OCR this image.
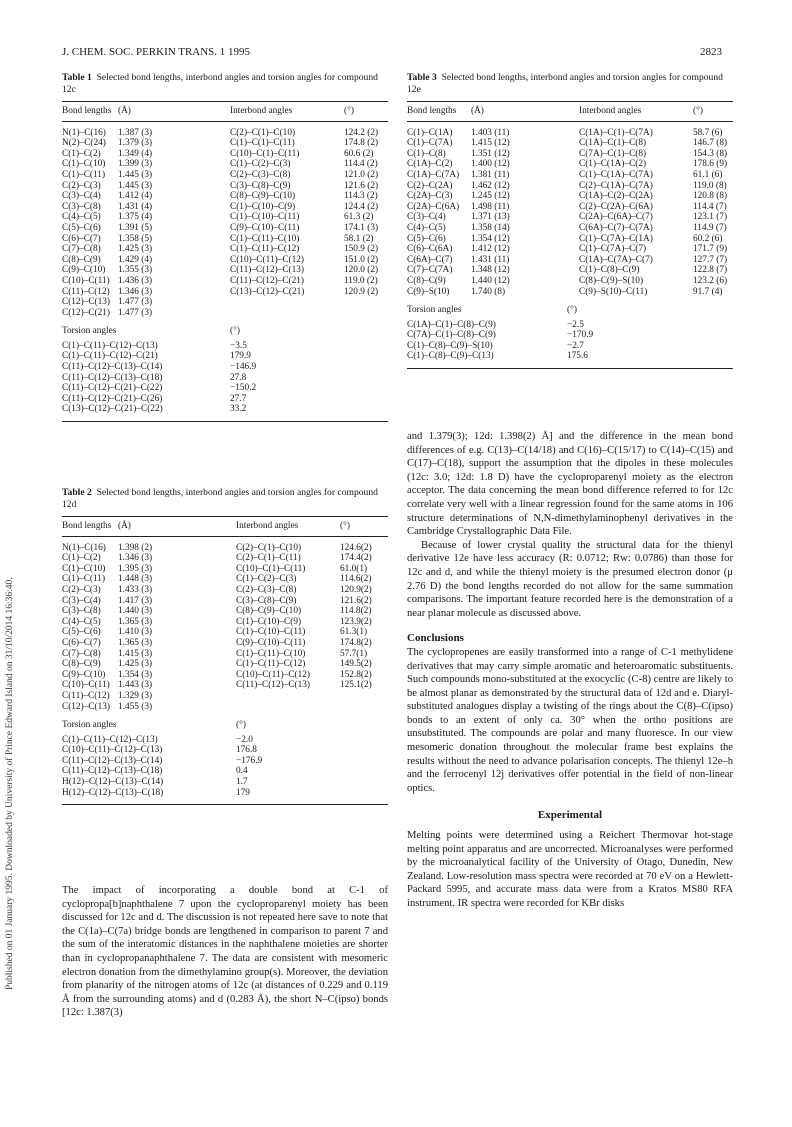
J. CHEM. SOC. PERKIN TRANS. 1 1995	2823
Published on 01 January 1995. Downloaded by University of Prince Edward Island on 31/10/2014 16:36:40.
Table 1 Selected bond lengths, interbond angles and torsion angles for compound 12c
Bond lengths	(Å)	Interbond angles	(°)
N(1)–C(16)	1.387 (3)	C(2)–C(1)–C(10)	124.2 (2)
N(2)–C(24)	1.379 (3)	C(1)–C(1)–C(11)	174.8 (2)
C(1)–C(2)	1.349 (4)	C(10)–C(1)–C(11)	60.6 (2)
C(1)–C(10)	1.399 (3)	C(1)–C(2)–C(3)	114.4 (2)
C(1)–C(11)	1.445 (3)	C(2)–C(3)–C(8)	121.0 (2)
C(2)–C(3)	1.445 (3)	C(3)–C(8)–C(9)	121.6 (2)
C(3)–C(4)	1.412 (4)	C(8)–C(9)–C(10)	114.3 (2)
C(3)–C(8)	1.431 (4)	C(1)–C(10)–C(9)	124.4 (2)
C(4)–C(5)	1.375 (4)	C(1)–C(10)–C(11)	61.3 (2)
C(5)–C(6)	1.391 (5)	C(9)–C(10)–C(11)	174.1 (3)
C(6)–C(7)	1.358 (5)	C(1)–C(11)–C(10)	58.1 (2)
C(7)–C(8)	1.425 (3)	C(1)–C(11)–C(12)	150.9 (2)
C(8)–C(9)	1.429 (4)	C(10)–C(11)–C(12)	151.0 (2)
C(9)–C(10)	1.355 (3)	C(11)–C(12)–C(13)	120.0 (2)
C(10)–C(11)	1.436 (3)	C(11)–C(12)–C(21)	119.0 (2)
C(11)–C(12)	1.346 (3)	C(13)–C(12)–C(21)	120.9 (2)
C(12)–C(13)	1.477 (3)		
C(12)–C(21)	1.477 (3)		
Torsion angles	(°)
C(1)–C(11)–C(12)–C(13)	−3.5
C(1)–C(11)–C(12)–C(21)	179.9
C(11)–C(12)–C(13)–C(14)	−146.9
C(11)–C(12)–C(13)–C(18)	27.8
C(11)–C(12)–C(21)–C(22)	−150.2
C(11)–C(12)–C(21)–C(26)	27.7
C(13)–C(12)–C(21)–C(22)	33.2
Table 2 Selected bond lengths, interbond angles and torsion angles for compound 12d
Bond lengths	(Å)	Interbond angles	(°)
N(1)–C(16)	1.398 (2)	C(2)–C(1)–C(10)	124.6(2)
C(1)–C(2)	1.346 (3)	C(2)–C(1)–C(11)	174.4(2)
C(1)–C(10)	1.395 (3)	C(10)–C(1)–C(11)	61.0(1)
C(1)–C(11)	1.448 (3)	C(1)–C(2)–C(3)	114.6(2)
C(2)–C(3)	1.433 (3)	C(2)–C(3)–C(8)	120.9(2)
C(3)–C(4)	1.417 (3)	C(3)–C(8)–C(9)	121.6(2)
C(3)–C(8)	1.440 (3)	C(8)–C(9)–C(10)	114.8(2)
C(4)–C(5)	1.365 (3)	C(1)–C(10)–C(9)	123.9(2)
C(5)–C(6)	1.410 (3)	C(1)–C(10)–C(11)	61.3(1)
C(6)–C(7)	1.365 (3)	C(9)–C(10)–C(11)	174.8(2)
C(7)–C(8)	1.415 (3)	C(1)–C(11)–C(10)	57.7(1)
C(8)–C(9)	1.425 (3)	C(1)–C(11)–C(12)	149.5(2)
C(9)–C(10)	1.354 (3)	C(10)–C(11)–C(12)	152.8(2)
C(10)–C(11)	1.443 (3)	C(11)–C(12)–C(13)	125.1(2)
C(11)–C(12)	1.329 (3)		
C(12)–C(13)	1.455 (3)		
Torsion angles	(°)
C(1)–C(11)–C(12)–C(13)	−2.0
C(10)–C(11)–C(12)–C(13)	176.8
C(11)–C(12)–C(13)–C(14)	−176.9
C(11)–C(12)–C(13)–C(18)	0.4
H(12)–C(12)–C(13)–C(14)	1.7
H(12)–C(12)–C(13)–C(18)	179
The impact of incorporating a double bond at C-1 of cyclopropa[b]naphthalene 7 upon the cycloproparenyl moiety has been discussed for 12c and d. The discussion is not repeated here save to note that the C(1a)–C(7a) bridge bonds are lengthened in comparison to parent 7 and the sum of the interatomic distances in the naphthalene moieties are shorter than in cyclopropanaphthalene 7. The data are consistent with mesomeric electron donation from the dimethylamino group(s). Moreover, the deviation from planarity of the nitrogen atoms of 12c (at distances of 0.229 and 0.119 Å from the surrounding atoms) and d (0.283 Å), the short N–C(ipso) bonds [12c: 1.387(3)
Table 3 Selected bond lengths, interbond angles and torsion angles for compound 12e
Bond lengths	(Å)	Interbond angles	(°)
C(1)–C(1A)	1.403 (11)	C(1A)–C(1)–C(7A)	58.7 (6)
C(1)–C(7A)	1.415 (12)	C(1A)–C(1)–C(8)	146.7 (8)
C(1)–C(8)	1.351 (12)	C(7A)–C(1)–C(8)	154.3 (8)
C(1A)–C(2)	1.400 (12)	C(1)–C(1A)–C(2)	178.6 (9)
C(1A)–C(7A)	1.381 (11)	C(1)–C(1A)–C(7A)	61.1 (6)
C(2)–C(2A)	1.462 (12)	C(2)–C(1A)–C(7A)	119.0 (8)
C(2A)–C(3)	1.245 (12)	C(1A)–C(2)–C(2A)	120.8 (8)
C(2A)–C(6A)	1.498 (11)	C(2)–C(2A)–C(6A)	114.4 (7)
C(3)–C(4)	1.371 (13)	C(2A)–C(6A)–C(7)	123.1 (7)
C(4)–C(5)	1.358 (14)	C(6A)–C(7)–C(7A)	114.9 (7)
C(5)–C(6)	1.354 (12)	C(1)–C(7A)–C(1A)	60.2 (6)
C(6)–C(6A)	1.412 (12)	C(1)–C(7A)–C(7)	171.7 (9)
C(6A)–C(7)	1.431 (11)	C(1A)–C(7A)–C(7)	127.7 (7)
C(7)–C(7A)	1.348 (12)	C(1)–C(8)–C(9)	122.8 (7)
C(8)–C(9)	1.440 (12)	C(8)–C(9)–S(10)	123.2 (6)
C(9)–S(10)	1.740 (8)	C(9)–S(10)–C(11)	91.7 (4)
Torsion angles	(°)
C(1A)–C(1)–C(8)–C(9)	−2.5
C(7A)–C(1)–C(8)–C(9)	−170.9
C(1)–C(8)–C(9)–S(10)	−2.7
C(1)–C(8)–C(9)–C(13)	175.6
and 1.379(3); 12d: 1.398(2) Å] and the difference in the mean bond differences of e.g. C(13)–C(14/18) and C(16)–C(15/17) to C(14)–C(15) and C(17)–C(18), support the assumption that the dipoles in these molecules (12c: 3.0; 12d: 1.8 D) have the cycloproparenyl moiety as the electron acceptor. The data concerning the mean bond difference referred to for 12c correlate very well with a linear regression found for the same atoms in 106 structure determinations of N,N-dimethylaminophenyl derivatives in the Cambridge Crystallographic Data File.
Because of lower crystal quality the structural data for the thienyl derivative 12e have less accuracy (R: 0.0712; Rw: 0.0786) than those for 12c and d, and while the thienyl moiety is the presumed electron donor (μ 2.76 D) the bond lengths recorded do not allow for the same summation comparisons. The important feature recorded here is the demonstration of a near planar molecule as discussed above.
Conclusions
The cyclopropenes are easily transformed into a range of C-1 methylidene derivatives that may carry simple aromatic and heteroaromatic substituents. Such compounds mono-substituted at the exocyclic (C-8) centre are likely to be almost planar as demonstrated by the structural data of 12d and e. Diaryl-substituted analogues display a twisting of the rings about the C(8)–C(ipso) bonds to an extent of only ca. 30° when the ortho positions are unsubstituted. The compounds are polar and many fluoresce. In our view mesomeric donation throughout the molecular frame best explains the results without the need to advance polarisation concepts. The thienyl 12e–h and the ferrocenyl 12j derivatives offer potential in the field of non-linear optics.
Experimental
Melting points were determined using a Reichert Thermovar hot-stage melting point apparatus and are uncorrected. Microanalyses were performed by the microanalytical facility of the University of Otago, Dunedin, New Zealand. Low-resolution mass spectra were recorded at 70 eV on a Hewlett-Packard 5995, and accurate mass data were from a Kratos MS80 RFA instrument. IR spectra were recorded for KBr disks
